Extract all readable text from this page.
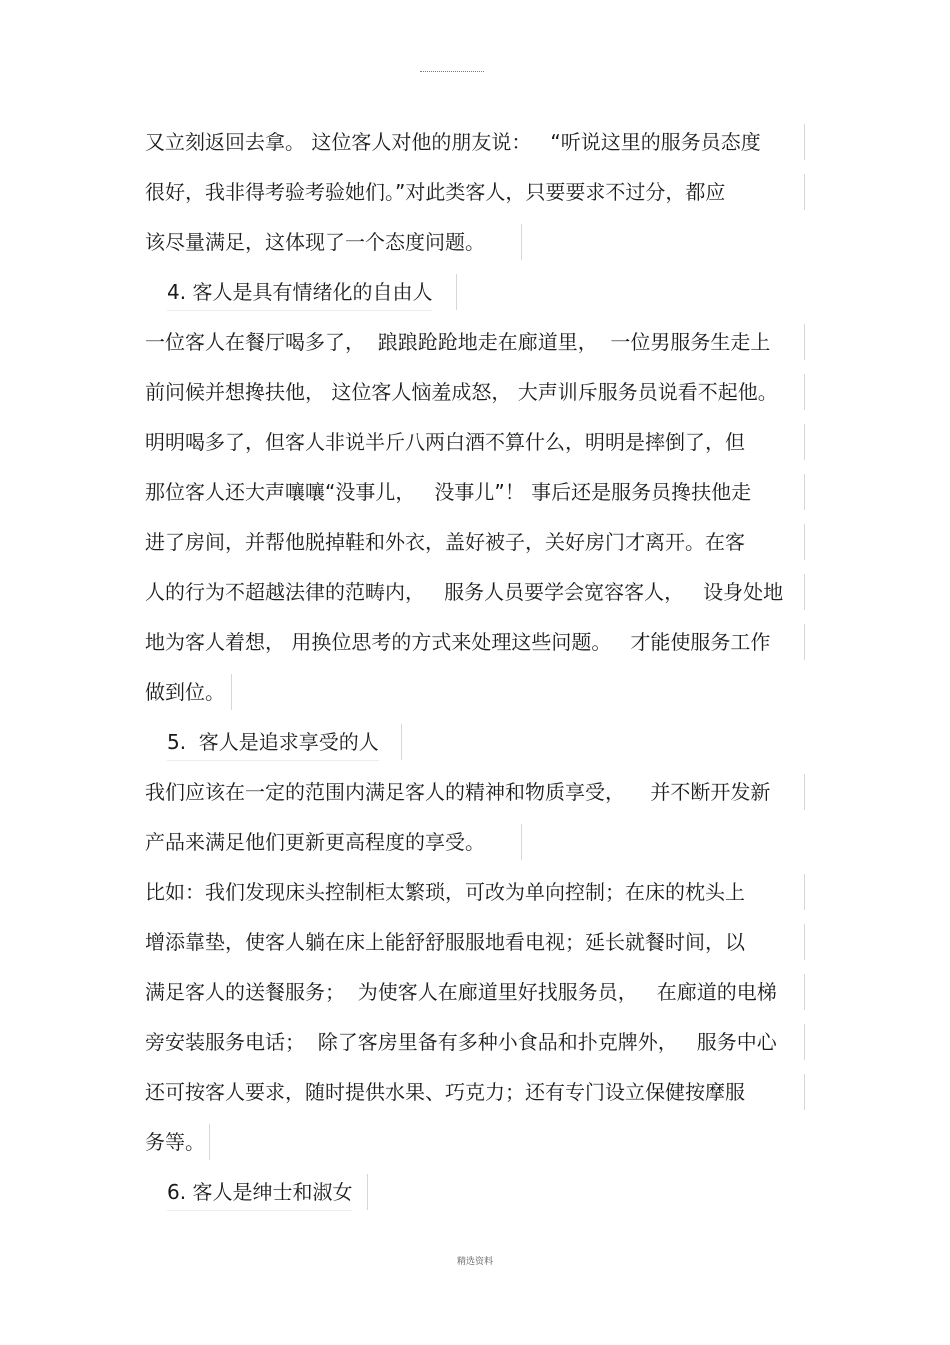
又立刻返回去拿。 这位客人对他的朋友说：   “听说这里的服务员态度
很好，我非得考验考验她们。”对此类客人，只要要求不过分，都应
该尽量满足，这体现了一个态度问题。
4. 客人是具有情绪化的自由人
一位客人在餐厅喝多了，  踉踉跄跄地走在廊道里，  一位男服务生走上
前问候并想搀扶他， 这位客人恼羞成怒， 大声训斥服务员说看不起他。
明明喝多了，但客人非说半斤八两白酒不算什么，明明是摔倒了，但
那位客人还大声嚷嚷“没事儿，   没事儿”！ 事后还是服务员搀扶他走
进了房间，并帮他脱掉鞋和外衣，盖好被子，关好房门才离开。在客
人的行为不超越法律的范畴内，   服务人员要学会宽容客人，   设身处地
地为客人着想， 用换位思考的方式来处理这些问题。   才能使服务工作
做到位。
5.  客人是追求享受的人
我们应该在一定的范围内满足客人的精神和物质享受，    并不断开发新
产品来满足他们更新更高程度的享受。
比如：我们发现床头控制柜太繁琐，可改为单向控制；在床的枕头上
增添靠垫，使客人躺在床上能舒舒服服地看电视；延长就餐时间，以
满足客人的送餐服务；  为使客人在廊道里好找服务员，   在廊道的电梯
旁安装服务电话；  除了客房里备有多种小食品和扑克牌外，   服务中心
还可按客人要求，随时提供水果、巧克力；还有专门设立保健按摩服
务等。
6. 客人是绅士和淑女
精选资料
